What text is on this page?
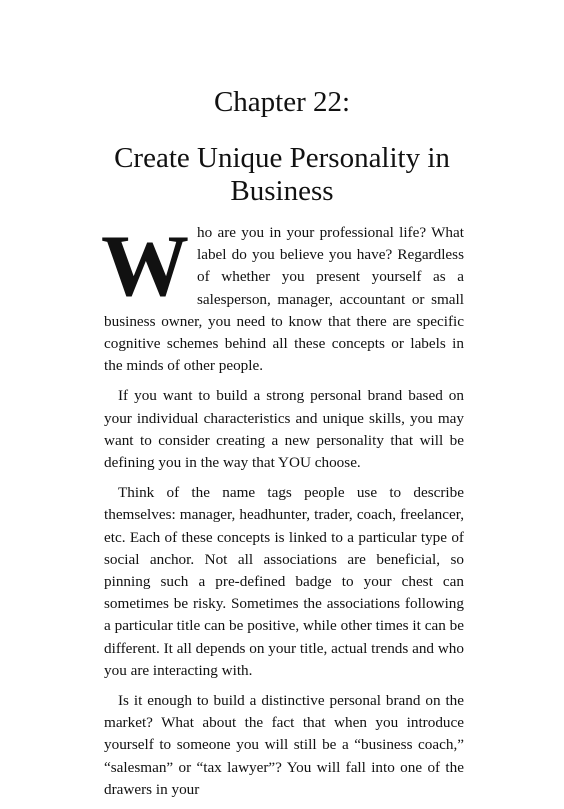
Chapter 22:
Create Unique Personality in
Business

Who are you in your professional life? What label do you believe you have? Regardless of whether you present yourself as a salesperson, manager, accountant or small business owner, you need to know that there are specific cognitive schemes behind all these concepts or labels in the minds of other people.

If you want to build a strong personal brand based on your individual characteristics and unique skills, you may want to consider creating a new personality that will be defining you in the way that YOU choose.

Think of the name tags people use to describe themselves: manager, headhunter, trader, coach, freelancer, etc. Each of these concepts is linked to a particular type of social anchor. Not all associations are beneficial, so pinning such a pre-defined badge to your chest can sometimes be risky. Sometimes the associations following a particular title can be positive, while other times it can be different. It all depends on your title, actual trends and who you are interacting with.

Is it enough to build a distinctive personal brand on the market? What about the fact that when you introduce yourself to someone you will still be a “business coach,” “salesman” or “tax lawyer”? You will fall into one of the drawers in your
